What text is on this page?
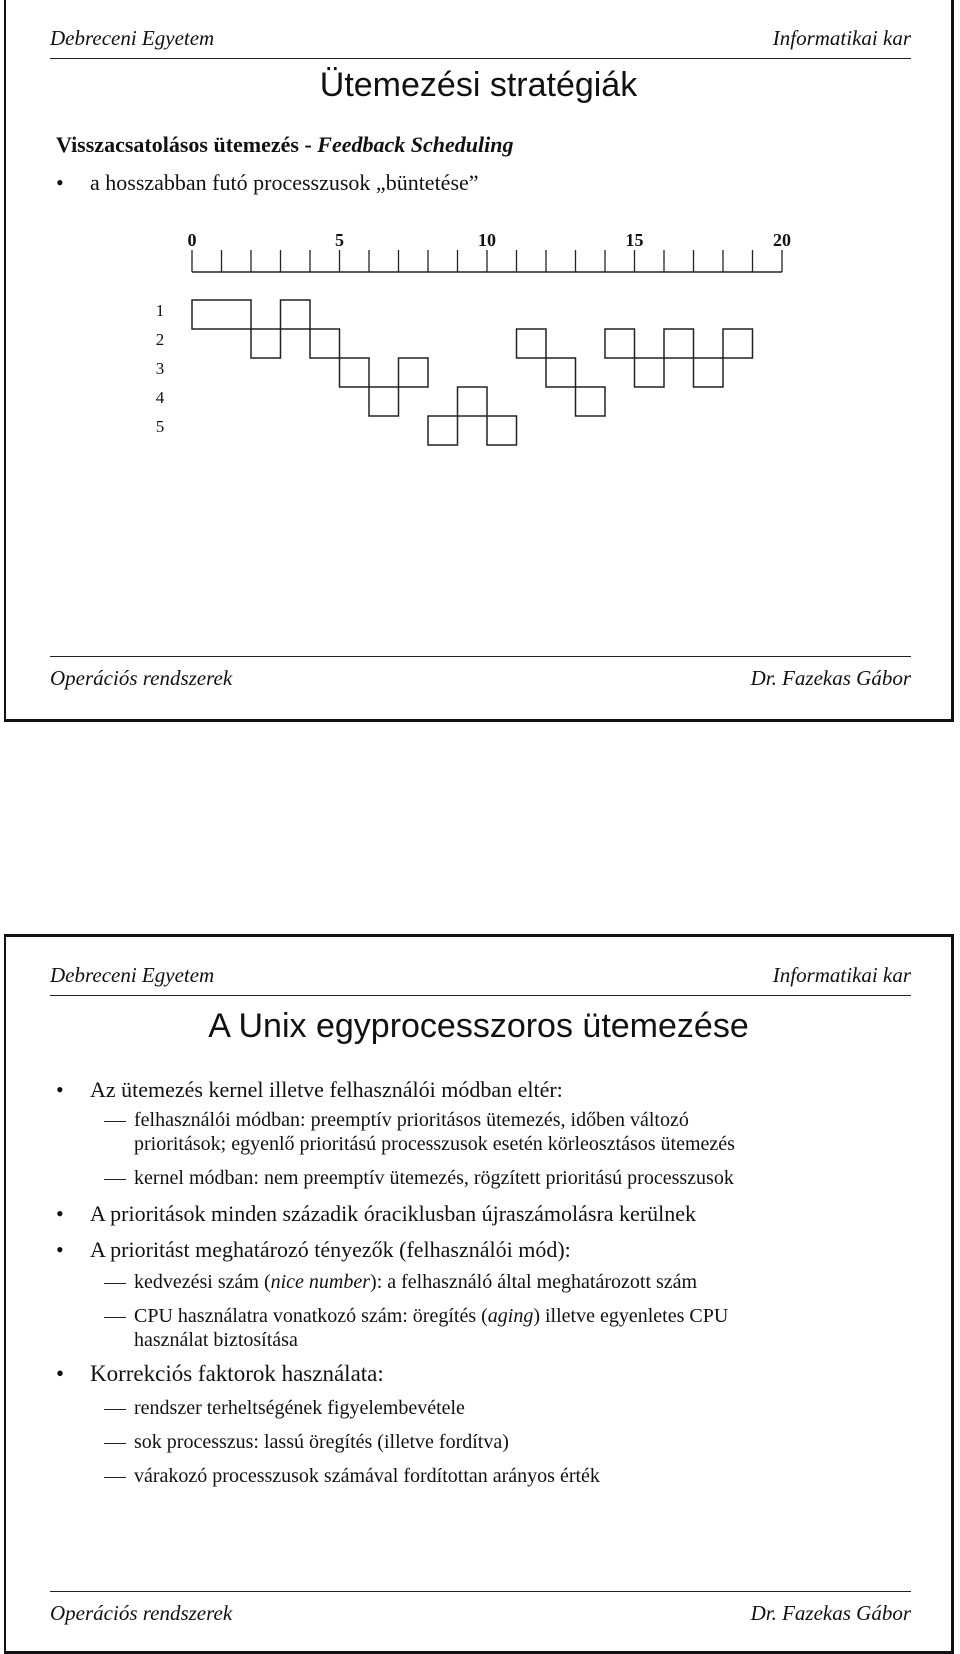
Debreceni Egyetem	Informatikai kar
Ütemezési stratégiák
Visszacsatolásos ütemezés - Feedback Scheduling
• a hosszabban futó processzusok „büntetése”
0	5	10	15	20
1
2
3
4
5
Operációs rendszerek	Dr. Fazekas Gábor
Debreceni Egyetem	Informatikai kar
A Unix egyprocesszoros ütemezése
• Az ütemezés kernel illetve felhasználói módban eltér:
felhasználói módban: preemptív prioritásos ütemezés, időben változó
prioritások; egyenlő prioritású processzusok esetén körleosztásos ütemezés
kernel módban: nem preemptív ütemezés, rögzített prioritású processzusok
• A prioritások minden századik óraciklusban újraszámolásra kerülnek
• A prioritást meghatározó tényezők (felhasználói mód):
kedvezési szám (nice number): a felhasználó által meghatározott szám
CPU használatra vonatkozó szám: öregítés (aging) illetve egyenletes CPU
használat biztosítása
• Korrekciós faktorok használata:
rendszer terheltségének figyelembevétele
sok processzus: lassú öregítés (illetve fordítva)
várakozó processzusok számával fordítottan arányos érték
Operációs rendszerek	Dr. Fazekas Gábor
